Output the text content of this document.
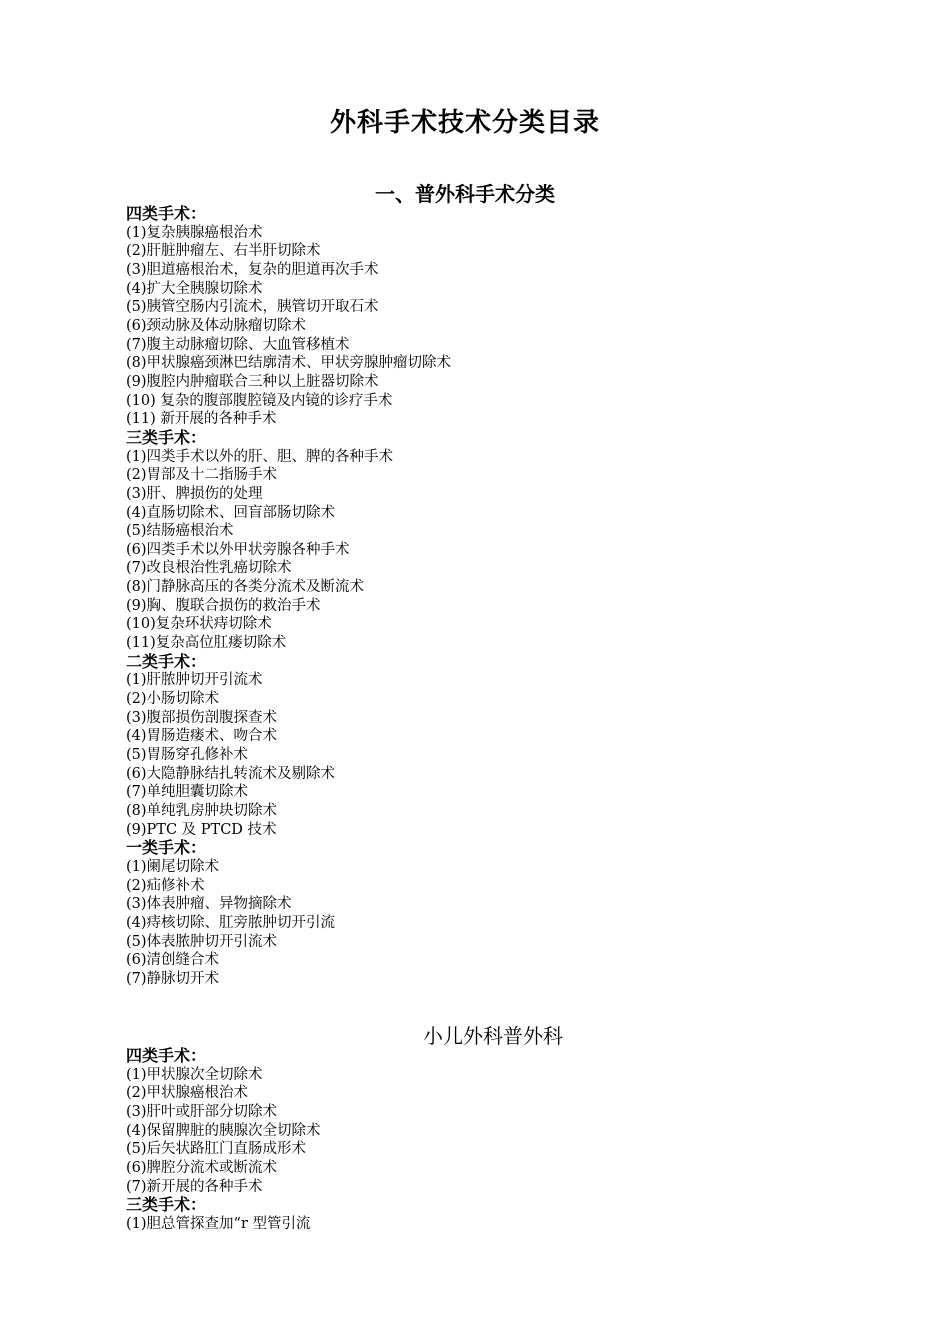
外科手术技术分类目录
一、普外科手术分类
四类手术：
(1)复杂胰腺癌根治术
(2)肝脏肿瘤左、右半肝切除术
(3)胆道癌根治术，复杂的胆道再次手术
(4)扩大全胰腺切除术
(5)胰管空肠内引流术，胰管切开取石术
(6)颈动脉及体动脉瘤切除术
(7)腹主动脉瘤切除、大血管移植术
(8)甲状腺癌颈淋巴结廓清术、甲状旁腺肿瘤切除术
(9)腹腔内肿瘤联合三种以上脏器切除术
(10) 复杂的腹部腹腔镜及内镜的诊疗手术
(11) 新开展的各种手术
三类手术：
(1)四类手术以外的肝、胆、脾的各种手术
(2)胃部及十二指肠手术
(3)肝、脾损伤的处理
(4)直肠切除术、回盲部肠切除术
(5)结肠癌根治术
(6)四类手术以外甲状旁腺各种手术
(7)改良根治性乳癌切除术
(8)门静脉高压的各类分流术及断流术
(9)胸、腹联合损伤的救治手术
(10)复杂环状痔切除术
(11)复杂高位肛瘘切除术
二类手术：
(1)肝脓肿切开引流术
(2)小肠切除术
(3)腹部损伤剖腹探查术
(4)胃肠造瘘术、吻合术
(5)胃肠穿孔修补术
(6)大隐静脉结扎转流术及剔除术
(7)单纯胆囊切除术
(8)单纯乳房肿块切除术
(9)PTC 及 PTCD 技术
一类手术：
(1)阑尾切除术
(2)疝修补术
(3)体表肿瘤、异物摘除术
(4)痔核切除、肛旁脓肿切开引流
(5)体表脓肿切开引流术
(6)清创缝合术
(7)静脉切开术
小儿外科普外科
四类手术：
(1)甲状腺次全切除术
(2)甲状腺癌根治术
(3)肝叶或肝部分切除术
(4)保留脾脏的胰腺次全切除术
(5)后矢状路肛门直肠成形术
(6)脾腔分流术或断流术
(7)新开展的各种手术
三类手术：
(1)胆总管探查加“r 型管引流
